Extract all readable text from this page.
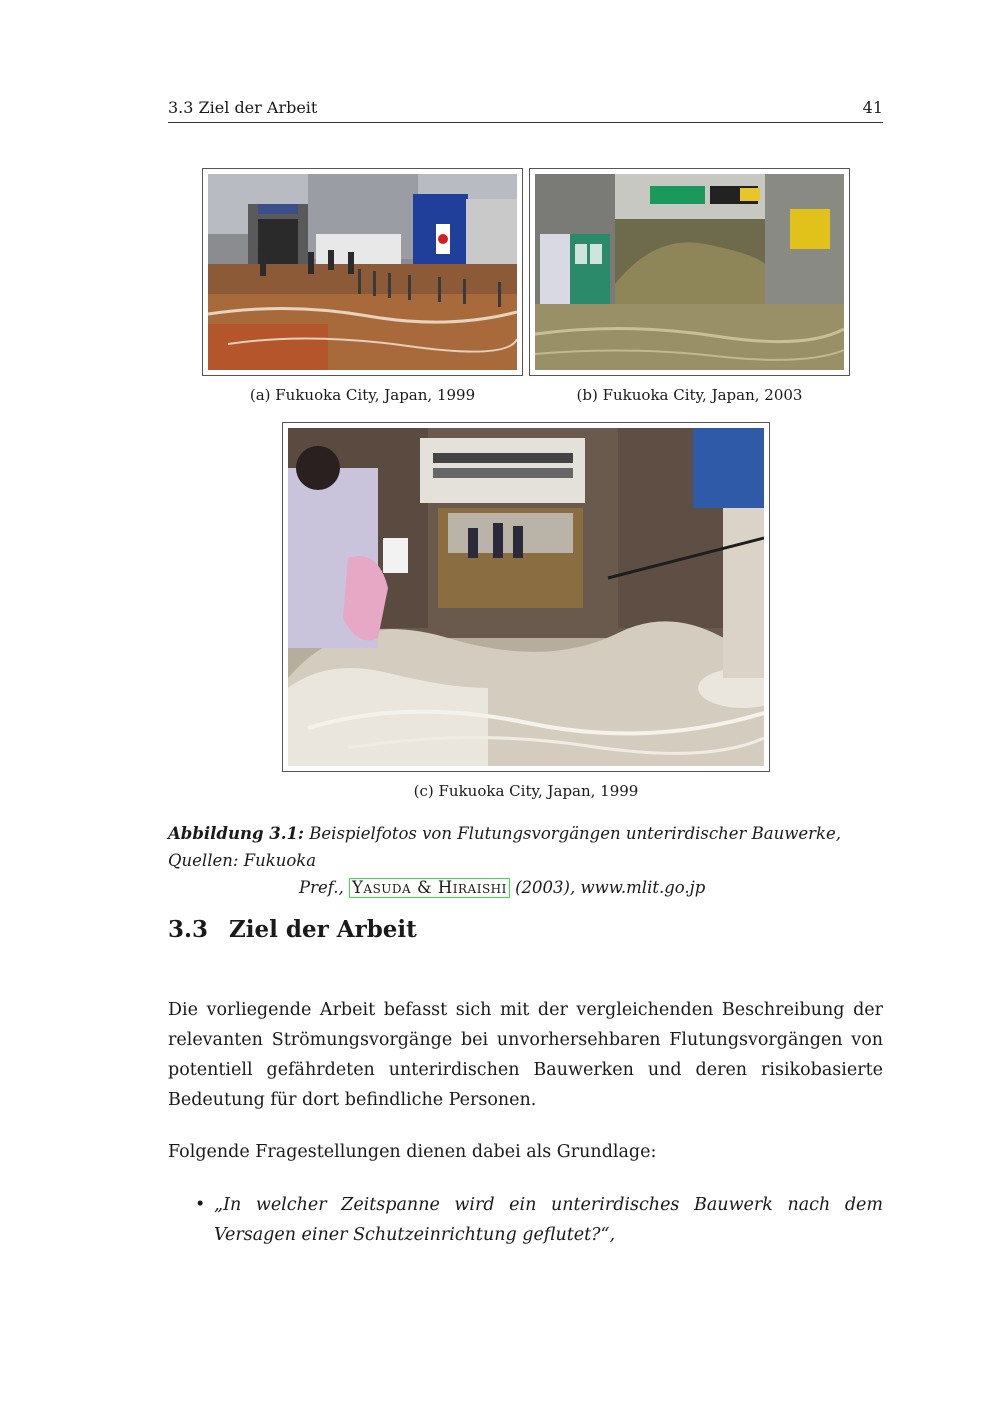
3.3 Ziel der Arbeit	41
(a) Fukuoka City, Japan, 1999	(b) Fukuoka City, Japan, 2003
(c) Fukuoka City, Japan, 1999
Abbildung 3.1: Beispielfotos von Flutungsvorgängen unterirdischer Bauwerke, Quellen: Fukuoka
Pref., Yasuda & Hiraishi (2003), www.mlit.go.jp
3.3 Ziel der Arbeit
Die vorliegende Arbeit befasst sich mit der vergleichenden Beschreibung der relevanten Strömungsvorgänge bei unvorhersehbaren Flutungsvorgängen von potentiell gefährdeten unterirdischen Bauwerken und deren risikobasierte Bedeutung für dort befindliche Personen.
Folgende Fragestellungen dienen dabei als Grundlage:
• „In welcher Zeitspanne wird ein unterirdisches Bauwerk nach dem Versagen einer Schutzeinrichtung geflutet?“,
